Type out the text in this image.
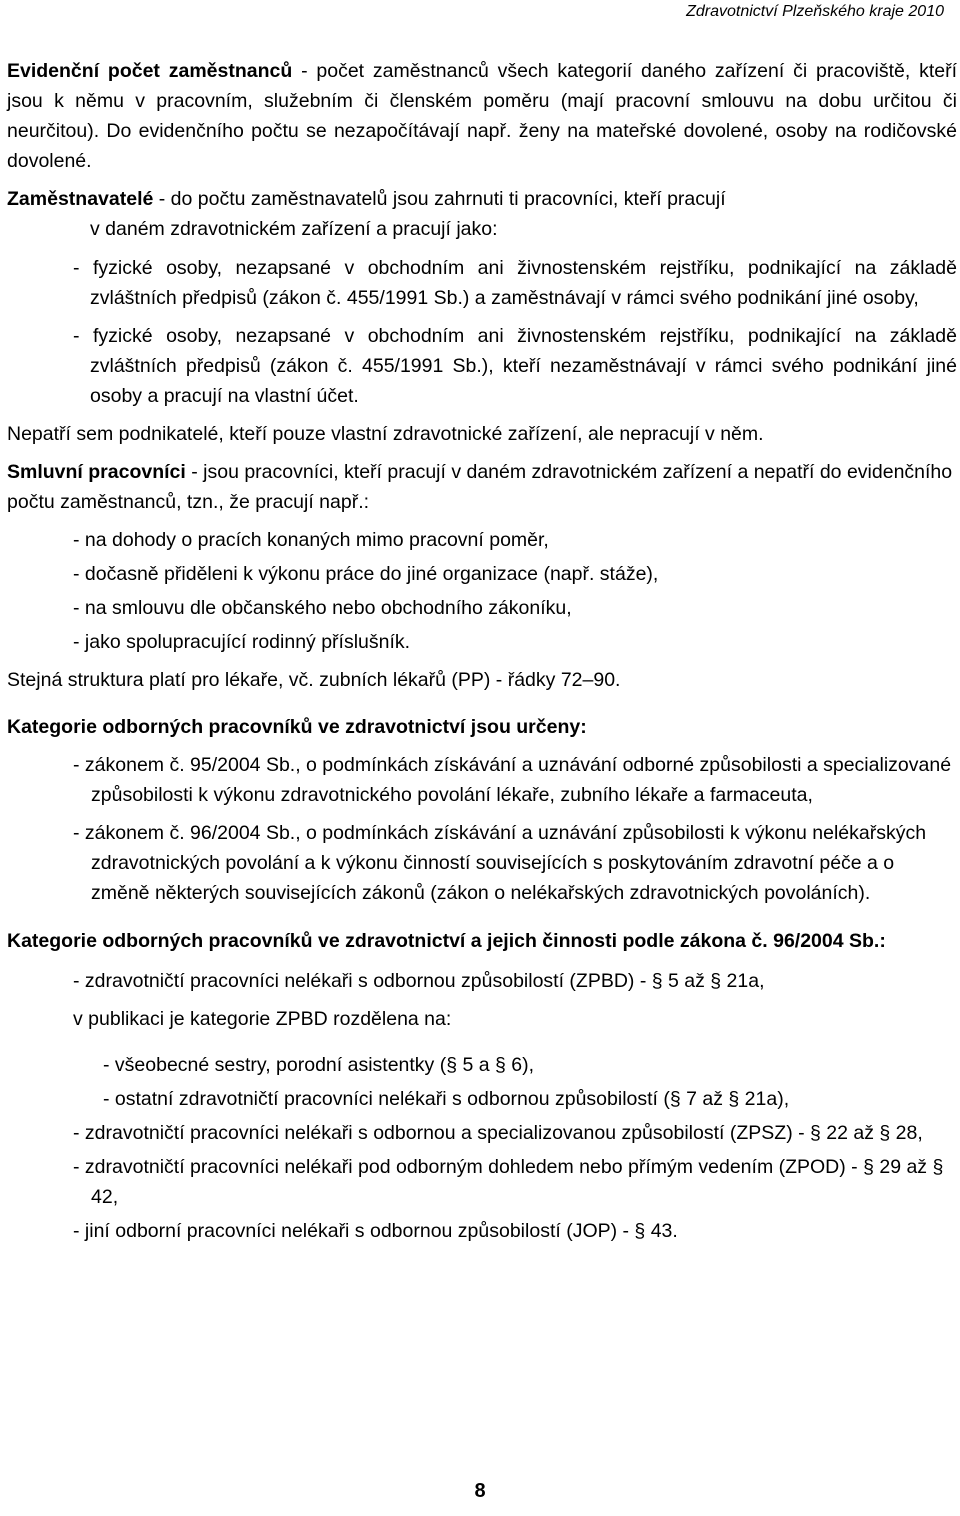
Zdravotnictví Plzeňského kraje 2010

Evidenční počet zaměstnanců - počet zaměstnanců všech kategorií daného zařízení či pracoviště, kteří jsou k němu v pracovním, služebním či členském poměru (mají pracovní smlouvu na dobu určitou či neurčitou). Do evidenčního počtu se nezapočítávají např. ženy na mateřské dovolené, osoby na rodičovské dovolené.

Zaměstnavatelé - do počtu zaměstnavatelů jsou zahrnuti ti pracovníci, kteří pracují

v daném zdravotnickém zařízení a pracují jako:

- fyzické osoby, nezapsané v obchodním ani živnostenském rejstříku, podnikající na základě zvláštních předpisů (zákon č. 455/1991 Sb.) a zaměstnávají v rámci svého podnikání jiné osoby,

- fyzické osoby, nezapsané v obchodním ani živnostenském rejstříku, podnikající na základě zvláštních předpisů (zákon č. 455/1991 Sb.), kteří nezaměstnávají v rámci svého podnikání jiné osoby a pracují na vlastní účet.

Nepatří sem podnikatelé, kteří pouze vlastní zdravotnické zařízení, ale nepracují v něm.

Smluvní pracovníci - jsou pracovníci, kteří pracují v daném zdravotnickém zařízení a nepatří do evidenčního počtu zaměstnanců, tzn., že pracují např.:

- na dohody o pracích konaných mimo pracovní poměr,

- dočasně přiděleni k výkonu práce do jiné organizace (např. stáže),

- na smlouvu dle občanského nebo obchodního zákoníku,

- jako spolupracující rodinný příslušník.

Stejná struktura platí pro lékaře, vč. zubních lékařů (PP) - řádky 72–90.

Kategorie odborných pracovníků ve zdravotnictví jsou určeny:

- zákonem č. 95/2004 Sb., o podmínkách získávání a uznávání odborné způsobilosti a specializované způsobilosti k výkonu zdravotnického povolání lékaře, zubního lékaře a farmaceuta,

- zákonem č. 96/2004 Sb., o podmínkách získávání a uznávání způsobilosti k výkonu nelékařských zdravotnických povolání a k výkonu činností souvisejících s poskytováním zdravotní péče a o změně některých souvisejících zákonů (zákon o nelékařských zdravotnických povoláních).

Kategorie odborných pracovníků ve zdravotnictví a jejich činnosti podle zákona č. 96/2004 Sb.:

- zdravotničtí pracovníci nelékaři s odbornou způsobilostí (ZPBD) - § 5 až § 21a,

v publikaci je kategorie ZPBD rozdělena na:

- všeobecné sestry, porodní asistentky (§ 5 a § 6),

- ostatní zdravotničtí pracovníci nelékaři s odbornou způsobilostí (§ 7 až § 21a),

- zdravotničtí pracovníci nelékaři s odbornou a specializovanou způsobilostí (ZPSZ) - § 22 až § 28,

- zdravotničtí pracovníci nelékaři pod odborným dohledem nebo přímým vedením (ZPOD) - § 29 až § 42,

- jiní odborní pracovníci nelékaři s odbornou způsobilostí (JOP) - § 43.

8
